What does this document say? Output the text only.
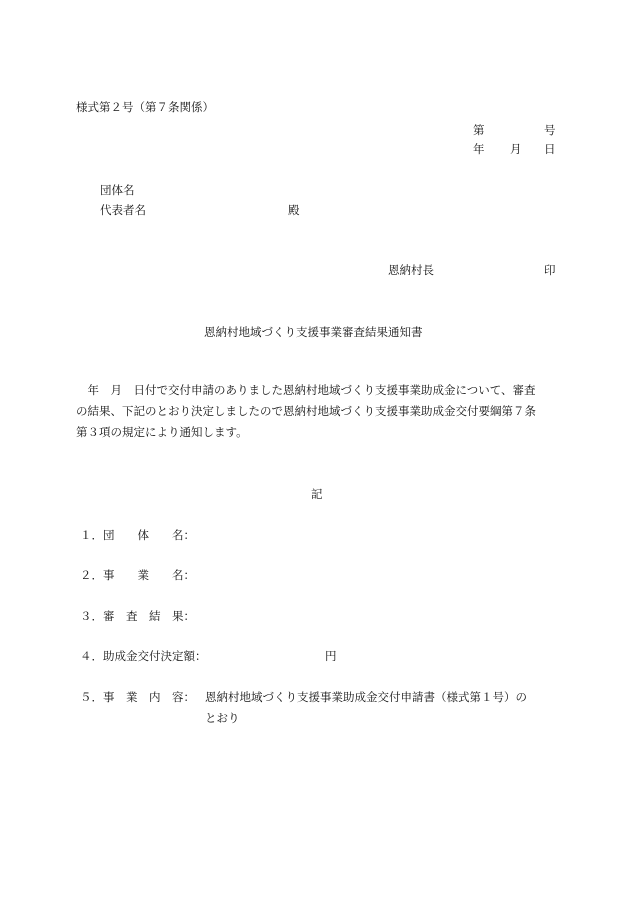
様式第２号（第７条関係）
第	号
年 月 日
団体名
代表者名	殿
恩納村長	印
恩納村地域づくり支援事業審査結果通知書
　年　月　日付で交付申請のありました恩納村地域づくり支援事業助成金について、審査
の結果、下記のとおり決定しましたので恩納村地域づくり支援事業助成金交付要綱第７条
第３項の規定により通知します。
記
１．団　　体　　名：
２．事　　業　　名：
３．審　査　結　果：
４．助成金交付決定額：	円
５．事　業　内　容： 恩納村地域づくり支援事業助成金交付申請書（様式第１号）の
とおり
